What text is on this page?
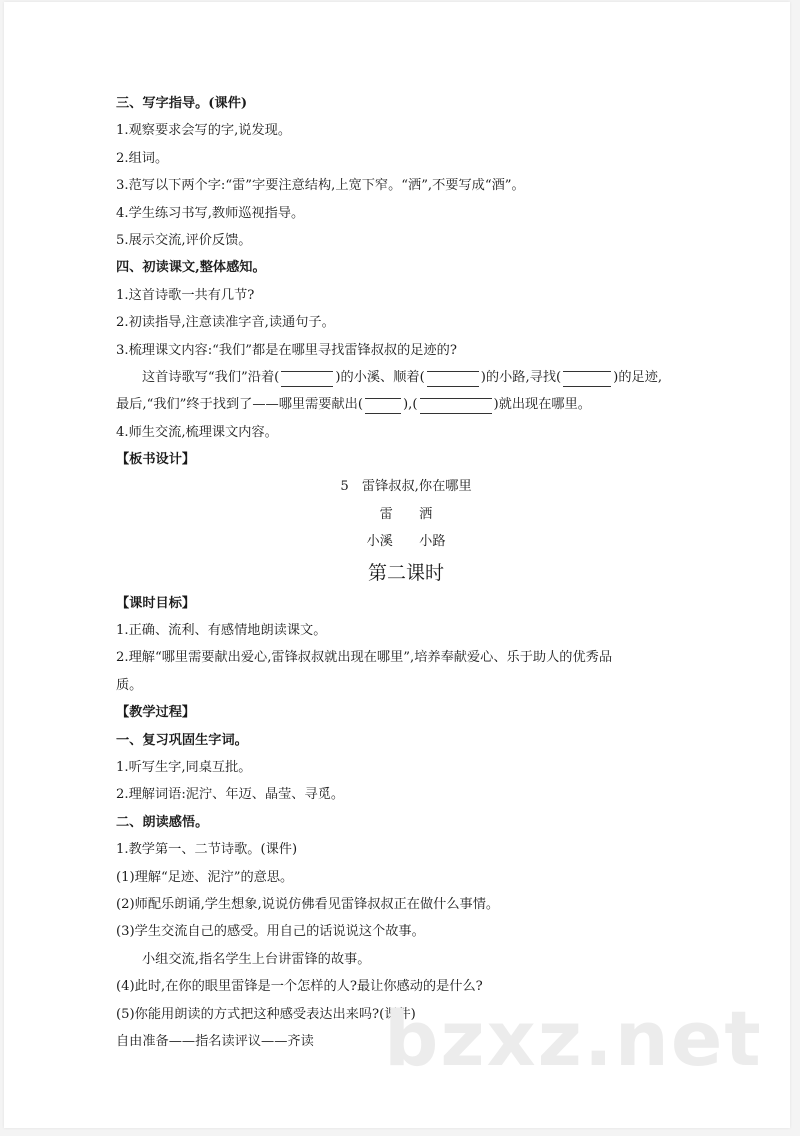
三、写字指导。(课件)
1.观察要求会写的字,说发现。
2.组词。
3.范写以下两个字:“雷”字要注意结构,上宽下窄。“洒”,不要写成“酒”。
4.学生练习书写,教师巡视指导。
5.展示交流,评价反馈。
四、初读课文,整体感知。
1.这首诗歌一共有几节?
2.初读指导,注意读准字音,读通句子。
3.梳理课文内容:“我们”都是在哪里寻找雷锋叔叔的足迹的?
这首诗歌写“我们”沿着(	)的小溪、顺着(	)的小路,寻找(	)的足迹,
最后,“我们”终于找到了——哪里需要献出(	),(	)就出现在哪里。
4.师生交流,梳理课文内容。
【板书设计】
5　雷锋叔叔,你在哪里
雷　　洒
小溪　　小路
第二课时
【课时目标】
1.正确、流利、有感情地朗读课文。
2.理解“哪里需要献出爱心,雷锋叔叔就出现在哪里”,培养奉献爱心、乐于助人的优秀品
质。
【教学过程】
一、复习巩固生字词。
1.听写生字,同桌互批。
2.理解词语:泥泞、年迈、晶莹、寻觅。
二、朗读感悟。
1.教学第一、二节诗歌。(课件)
(1)理解“足迹、泥泞”的意思。
(2)师配乐朗诵,学生想象,说说仿佛看见雷锋叔叔正在做什么事情。
(3)学生交流自己的感受。用自己的话说说这个故事。
小组交流,指名学生上台讲雷锋的故事。
(4)此时,在你的眼里雷锋是一个怎样的人?最让你感动的是什么?
(5)你能用朗读的方式把这种感受表达出来吗?(课件)
自由准备——指名读评议——齐读 bzxz.net
